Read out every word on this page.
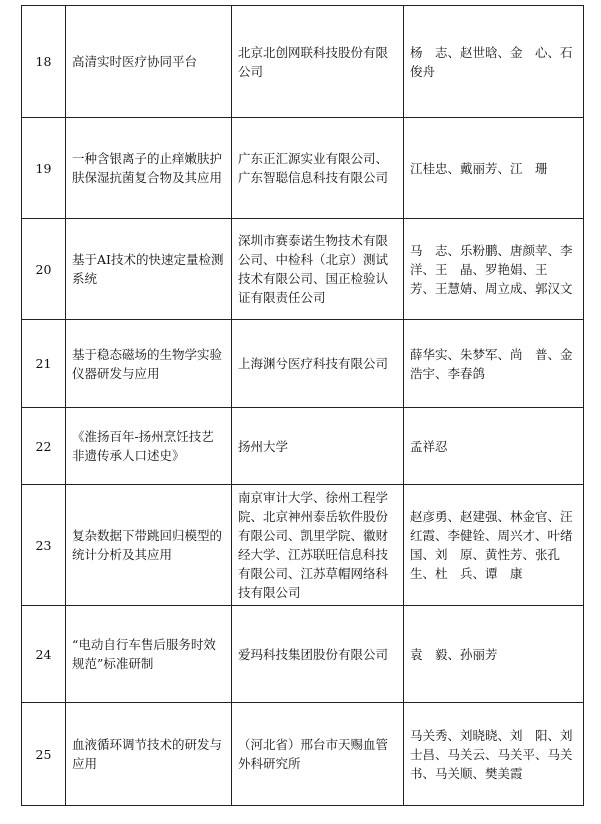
18	高清实时医疗协同平台	北京北创网联科技股份有限公司	杨　志、赵世晗、金　心、石俊舟
19	一种含银离子的止痒嫩肤护肤保湿抗菌复合物及其应用	广东正汇源实业有限公司、广东智聪信息科技有限公司	江桂忠、戴丽芳、江　珊
20	基于AI技术的快速定量检测系统	深圳市赛泰诺生物技术有限公司、中检科（北京）测试技术有限公司、国正检验认证有限责任公司	马　志、乐粉鹏、唐颜苹、李　洋、王　晶、罗艳娟、王　芳、王慧婧、周立成、郭汉文
21	基于稳态磁场的生物学实验仪器研发与应用	上海渊兮医疗科技有限公司	薛华实、朱梦军、尚　普、金浩宇、李春鸽
22	《淮扬百年-扬州烹饪技艺非遗传承人口述史》	扬州大学	孟祥忍
23	复杂数据下带跳回归模型的统计分析及其应用	南京审计大学、徐州工程学院、北京神州泰岳软件股份有限公司、凯里学院、徽财经大学、江苏联旺信息科技有限公司、江苏草帽网络科技有限公司	赵彦勇、赵建强、林金官、汪红霞、李健铨、周兴才、叶绪国、刘　原、黄性芳、张孔生、杜　兵、谭　康
24	“电动自行车售后服务时效规范”标准研制	爱玛科技集团股份有限公司	袁　毅、孙丽芳
25	血液循环调节技术的研发与应用	（河北省）邢台市天赐血管外科研究所	马关秀、刘晓晓、刘　阳、刘士昌、马关云、马关平、马关书、马关顺、樊美霞
